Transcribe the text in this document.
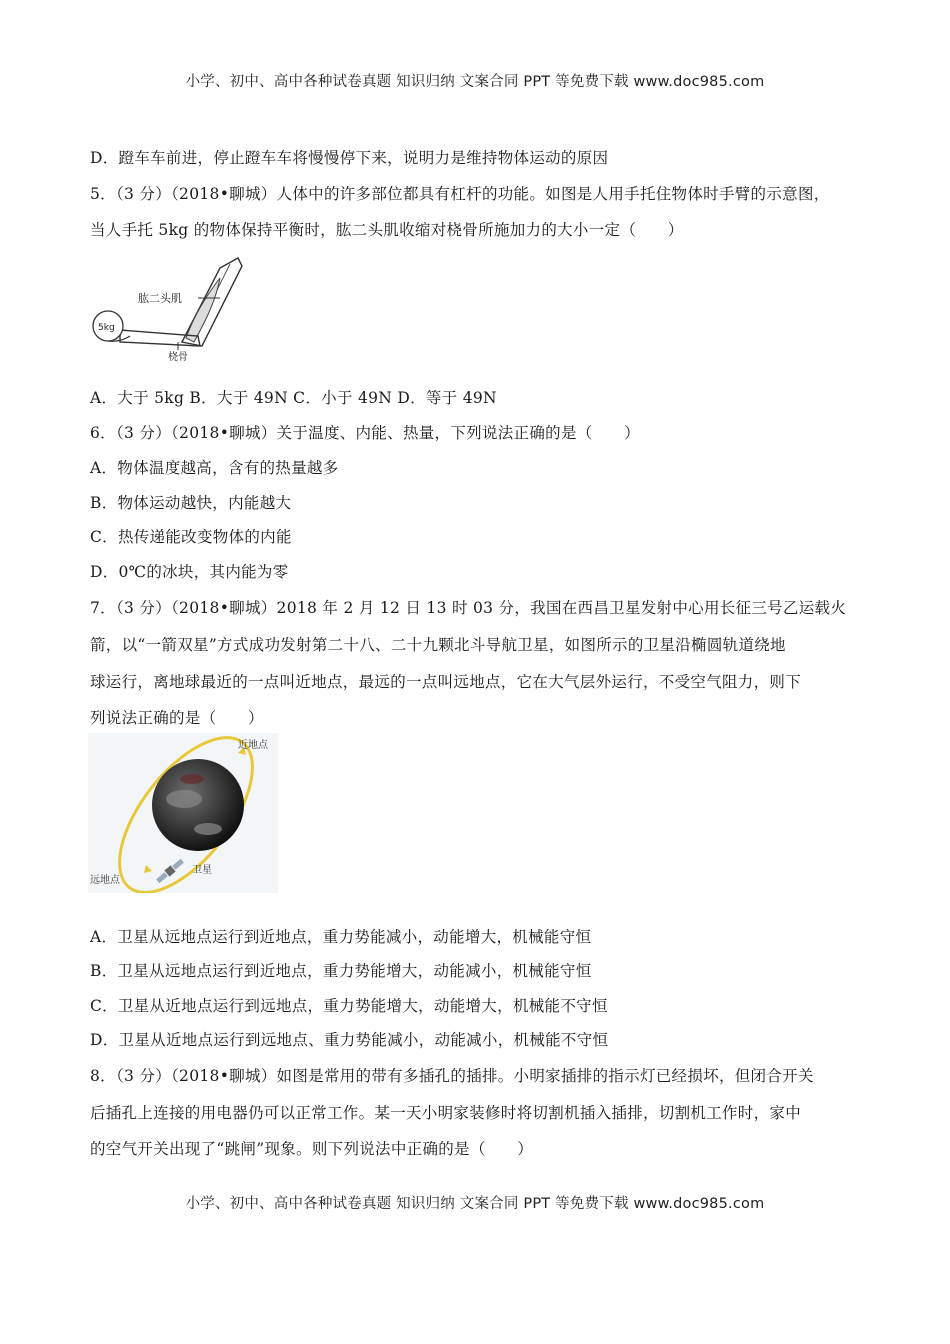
小学、初中、高中各种试卷真题 知识归纳 文案合同 PPT 等免费下载 www.doc985.com
D．蹬车车前进，停止蹬车车将慢慢停下来，说明力是维持物体运动的原因
5．（3 分）（2018•聊城）人体中的许多部位都具有杠杆的功能。如图是人用手托住物体时手臂的示意图，
当人手托 5kg 的物体保持平衡时，肱二头肌收缩对桡骨所施加力的大小一定（　　）
5kg
肱二头肌
桡骨
A．大于 5kg B．大于 49N C．小于 49N D．等于 49N
6．（3 分）（2018•聊城）关于温度、内能、热量，下列说法正确的是（　　）
A．物体温度越高，含有的热量越多
B．物体运动越快，内能越大
C．热传递能改变物体的内能
D．0℃的冰块，其内能为零
7．（3 分）（2018•聊城）2018 年 2 月 12 日 13 时 03 分，我国在西昌卫星发射中心用长征三号乙运载火
箭，以“一箭双星”方式成功发射第二十八、二十九颗北斗导航卫星，如图所示的卫星沿椭圆轨道绕地
球运行，离地球最近的一点叫近地点，最远的一点叫远地点，它在大气层外运行，不受空气阻力，则下
列说法正确的是（　　）
近地点
远地点
卫星
A．卫星从远地点运行到近地点，重力势能减小，动能增大，机械能守恒
B．卫星从远地点运行到近地点，重力势能增大，动能减小，机械能守恒
C．卫星从近地点运行到远地点，重力势能增大，动能增大，机械能不守恒
D．卫星从近地点运行到远地点、重力势能减小，动能减小，机械能不守恒
8．（3 分）（2018•聊城）如图是常用的带有多插孔的插排。小明家插排的指示灯已经损坏，但闭合开关
后插孔上连接的用电器仍可以正常工作。某一天小明家装修时将切割机插入插排，切割机工作时，家中
的空气开关出现了“跳闸”现象。则下列说法中正确的是（　　）
小学、初中、高中各种试卷真题 知识归纳 文案合同 PPT 等免费下载 www.doc985.com
